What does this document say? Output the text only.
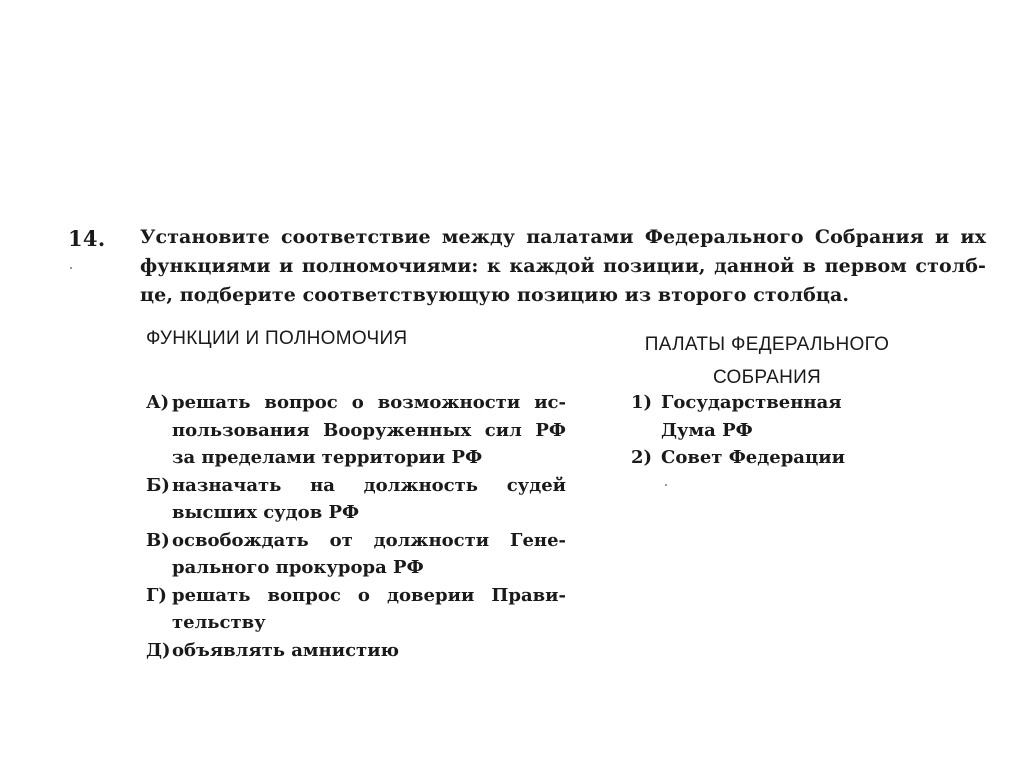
14. Установите соответствие между палатами Федерального Собрания и их
функциями и полномочиями: к каждой позиции, данной в первом столб-
це, подберите соответствующую позицию из второго столбца.
ФУНКЦИИ И ПОЛНОМОЧИЯ	ПАЛАТЫ ФЕДЕРАЛЬНОГО
СОБРАНИЯ
А) решать вопрос о возможности ис-
пользования Вооруженных сил РФ
за пределами территории РФ
Б) назначать на должность судей
высших судов РФ
В) освобождать от должности Гене-
рального прокурора РФ
Г) решать вопрос о доверии Прави-
тельству
Д) объявлять амнистию
1) Государственная
Дума РФ
2) Совет Федерации
